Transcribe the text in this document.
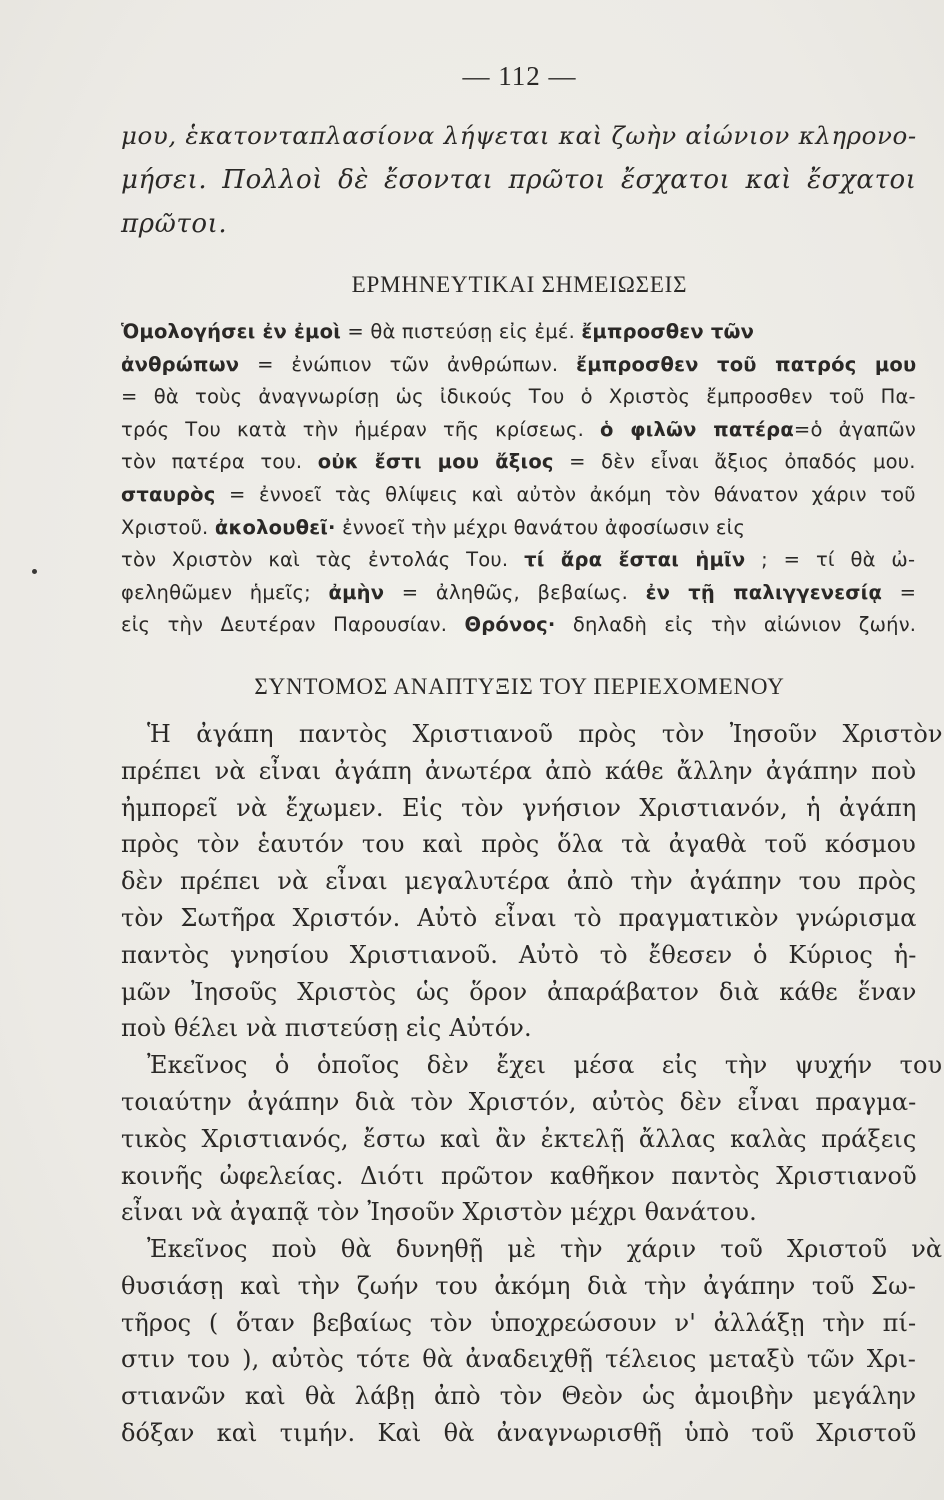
— 112 —
μου, ἑκατονταπλασίονα λήψεται καὶ ζωὴν αἰώνιον κληρονο-
μήσει. Πολλοὶ δὲ ἔσονται πρῶτοι ἔσχατοι καὶ ἔσχατοι
πρῶτοι.
ΕΡΜΗΝΕΥΤΙΚΑΙ ΣΗΜΕΙΩΣΕΙΣ
Ὁμολογήσει ἐν ἐμοὶ = θὰ πιστεύσῃ εἰς ἐμέ. ἔμπροσθεν τῶν
ἀνθρώπων = ἐνώπιον τῶν ἀνθρώπων. ἔμπροσθεν τοῦ πατρός μου
= θὰ τοὺς ἀναγνωρίσῃ ὡς ἰδικούς Του ὁ Χριστὸς ἔμπροσθεν τοῦ Πα-
τρός Του κατὰ τὴν ἡμέραν τῆς κρίσεως. ὁ φιλῶν πατέρα=ὁ ἀγαπῶν
τὸν πατέρα του. οὐκ ἔστι μου ἄξιος = δὲν εἶναι ἄξιος ὀπαδός μου.
σταυρὸς = ἐννοεῖ τὰς θλίψεις καὶ αὐτὸν ἀκόμη τὸν θάνατον χάριν τοῦ
Χριστοῦ. ἀκολουθεῖ· ἐννοεῖ τὴν μέχρι θανάτου ἀφοσίωσιν εἰς
τὸν Χριστὸν καὶ τὰς ἐντολάς Του. τί ἄρα ἔσται ἡμῖν ; = τί θὰ ὠ-
φεληθῶμεν ἡμεῖς; ἀμὴν = ἀληθῶς, βεβαίως. ἐν τῇ παλιγγενεσίᾳ =
εἰς τὴν Δευτέραν Παρουσίαν. Θρόνος· δηλαδὴ εἰς τὴν αἰώνιον ζωήν.
ΣΥΝΤΟΜΟΣ ΑΝΑΠΤΥΞΙΣ ΤΟΥ ΠΕΡΙΕΧΟΜΕΝΟΥ
Ἡ ἀγάπη παντὸς Χριστιανοῦ πρὸς τὸν Ἰησοῦν Χριστὸν
πρέπει νὰ εἶναι ἀγάπη ἀνωτέρα ἀπὸ κάθε ἄλλην ἀγάπην ποὺ
ἠμπορεῖ νὰ ἔχωμεν. Εἰς τὸν γνήσιον Χριστιανόν, ἡ ἀγάπη
πρὸς τὸν ἑαυτόν του καὶ πρὸς ὅλα τὰ ἀγαθὰ τοῦ κόσμου
δὲν πρέπει νὰ εἶναι μεγαλυτέρα ἀπὸ τὴν ἀγάπην του πρὸς
τὸν Σωτῆρα Χριστόν. Αὐτὸ εἶναι τὸ πραγματικὸν γνώρισμα
παντὸς γνησίου Χριστιανοῦ. Αὐτὸ τὸ ἔθεσεν ὁ Κύριος ἡ-
μῶν Ἰησοῦς Χριστὸς ὡς ὅρον ἀπαράβατον διὰ κάθε ἕναν
ποὺ θέλει νὰ πιστεύσῃ εἰς Αὐτόν.
Ἐκεῖνος ὁ ὁποῖος δὲν ἔχει μέσα εἰς τὴν ψυχήν του
τοιαύτην ἀγάπην διὰ τὸν Χριστόν, αὐτὸς δὲν εἶναι πραγμα-
τικὸς Χριστιανός, ἔστω καὶ ἂν ἐκτελῇ ἄλλας καλὰς πράξεις
κοινῆς ὠφελείας. Διότι πρῶτον καθῆκον παντὸς Χριστιανοῦ
εἶναι νὰ ἀγαπᾷ τὸν Ἰησοῦν Χριστὸν μέχρι θανάτου.
Ἐκεῖνος ποὺ θὰ δυνηθῇ μὲ τὴν χάριν τοῦ Χριστοῦ νὰ
θυσιάσῃ καὶ τὴν ζωήν του ἀκόμη διὰ τὴν ἀγάπην τοῦ Σω-
τῆρος ( ὅταν βεβαίως τὸν ὑποχρεώσουν ν' ἀλλάξῃ τὴν πί-
στιν του ), αὐτὸς τότε θὰ ἀναδειχθῇ τέλειος μεταξὺ τῶν Χρι-
στιανῶν καὶ θὰ λάβῃ ἀπὸ τὸν Θεὸν ὡς ἀμοιβὴν μεγάλην
δόξαν καὶ τιμήν. Καὶ θὰ ἀναγνωρισθῇ ὑπὸ τοῦ Χριστοῦ
